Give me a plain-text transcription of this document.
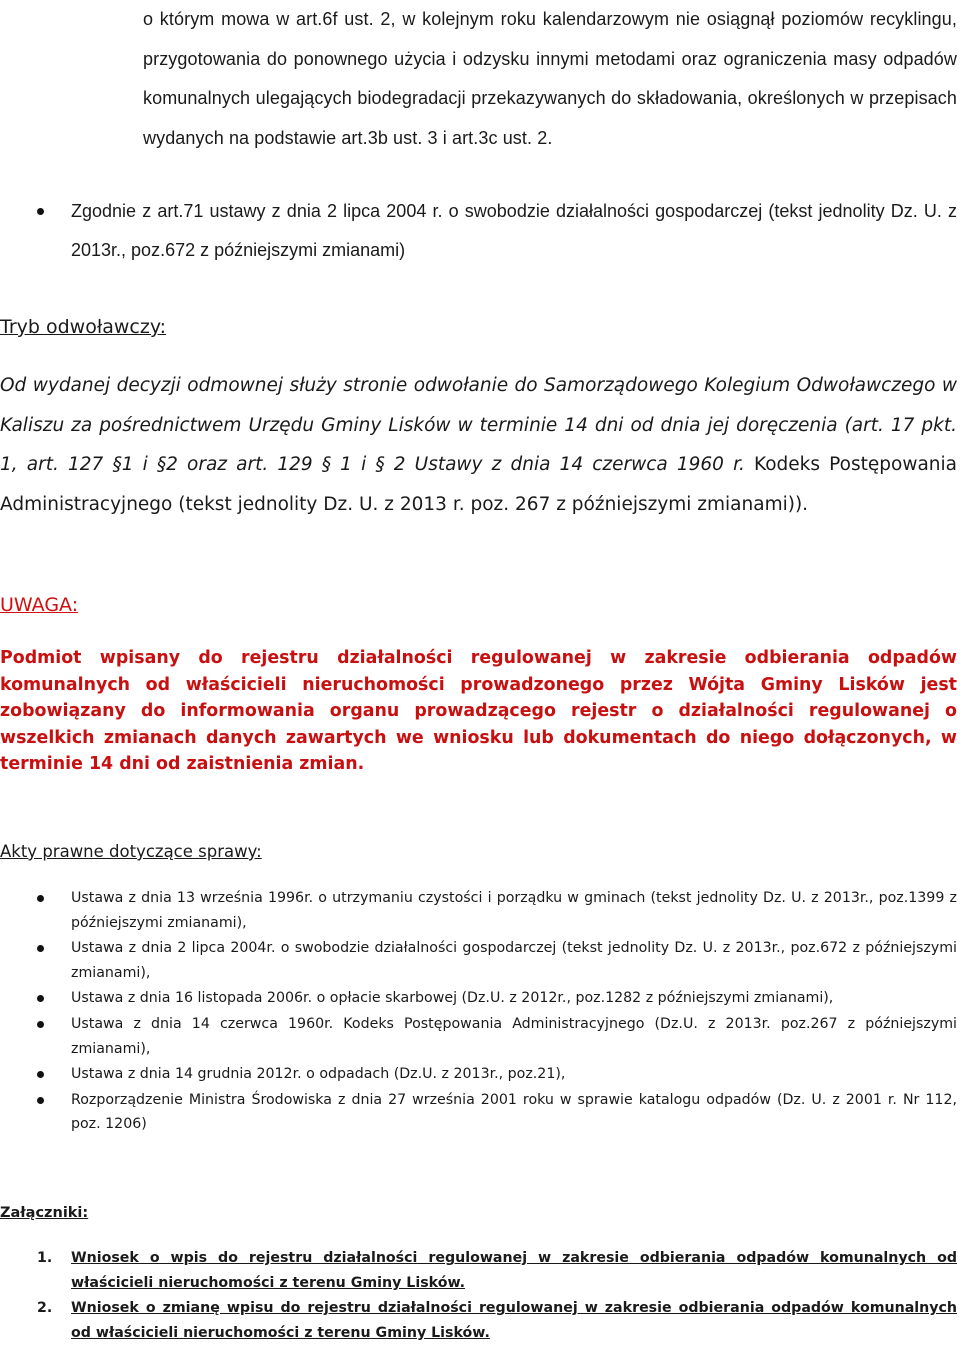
o którym mowa w art.6f ust. 2, w kolejnym roku kalendarzowym nie osiągnął poziomów recyklingu, przygotowania do ponownego użycia i odzysku innymi metodami oraz ograniczenia masy odpadów komunalnych ulegających biodegradacji przekazywanych do składowania, określonych w przepisach wydanych na podstawie art.3b ust. 3 i art.3c ust. 2.
Zgodnie z art.71 ustawy z dnia 2 lipca 2004 r. o swobodzie działalności gospodarczej (tekst jednolity Dz. U. z 2013r., poz.672 z późniejszymi zmianami)
Tryb odwoławczy:
Od wydanej decyzji odmownej służy stronie odwołanie do Samorządowego Kolegium Odwoławczego w Kaliszu za pośrednictwem Urzędu Gminy Lisków w terminie 14 dni od dnia jej doręczenia (art. 17 pkt. 1, art. 127 §1 i §2 oraz art. 129 § 1 i § 2 Ustawy z dnia 14 czerwca 1960 r. Kodeks Postępowania Administracyjnego (tekst jednolity Dz. U. z 2013 r. poz. 267 z późniejszymi zmianami)).
UWAGA:
Podmiot wpisany do rejestru działalności regulowanej w zakresie odbierania odpadów komunalnych od właścicieli nieruchomości prowadzonego przez Wójta Gminy Lisków jest zobowiązany do informowania organu prowadzącego rejestr o działalności regulowanej o wszelkich zmianach danych zawartych we wniosku lub dokumentach do niego dołączonych, w terminie 14 dni od zaistnienia zmian.
Akty prawne dotyczące sprawy:
Ustawa z dnia 13 września 1996r. o utrzymaniu czystości i porządku w gminach (tekst jednolity Dz. U. z 2013r., poz.1399 z późniejszymi zmianami),
Ustawa z dnia 2 lipca 2004r. o swobodzie działalności gospodarczej (tekst jednolity Dz. U. z 2013r., poz.672 z późniejszymi zmianami),
Ustawa z dnia 16 listopada 2006r. o opłacie skarbowej (Dz.U. z 2012r., poz.1282 z późniejszymi zmianami),
Ustawa z dnia 14 czerwca 1960r. Kodeks Postępowania Administracyjnego (Dz.U. z 2013r. poz.267 z późniejszymi zmianami),
Ustawa z dnia 14 grudnia 2012r. o odpadach (Dz.U. z 2013r., poz.21),
Rozporządzenie Ministra Środowiska z dnia 27 września 2001 roku w sprawie katalogu odpadów (Dz. U. z 2001 r. Nr 112, poz. 1206)
Załączniki:
1. Wniosek o wpis do rejestru działalności regulowanej w zakresie odbierania odpadów komunalnych od właścicieli nieruchomości z terenu Gminy Lisków.
2. Wniosek o zmianę wpisu do rejestru działalności regulowanej w zakresie odbierania odpadów komunalnych od właścicieli nieruchomości z terenu Gminy Lisków.
